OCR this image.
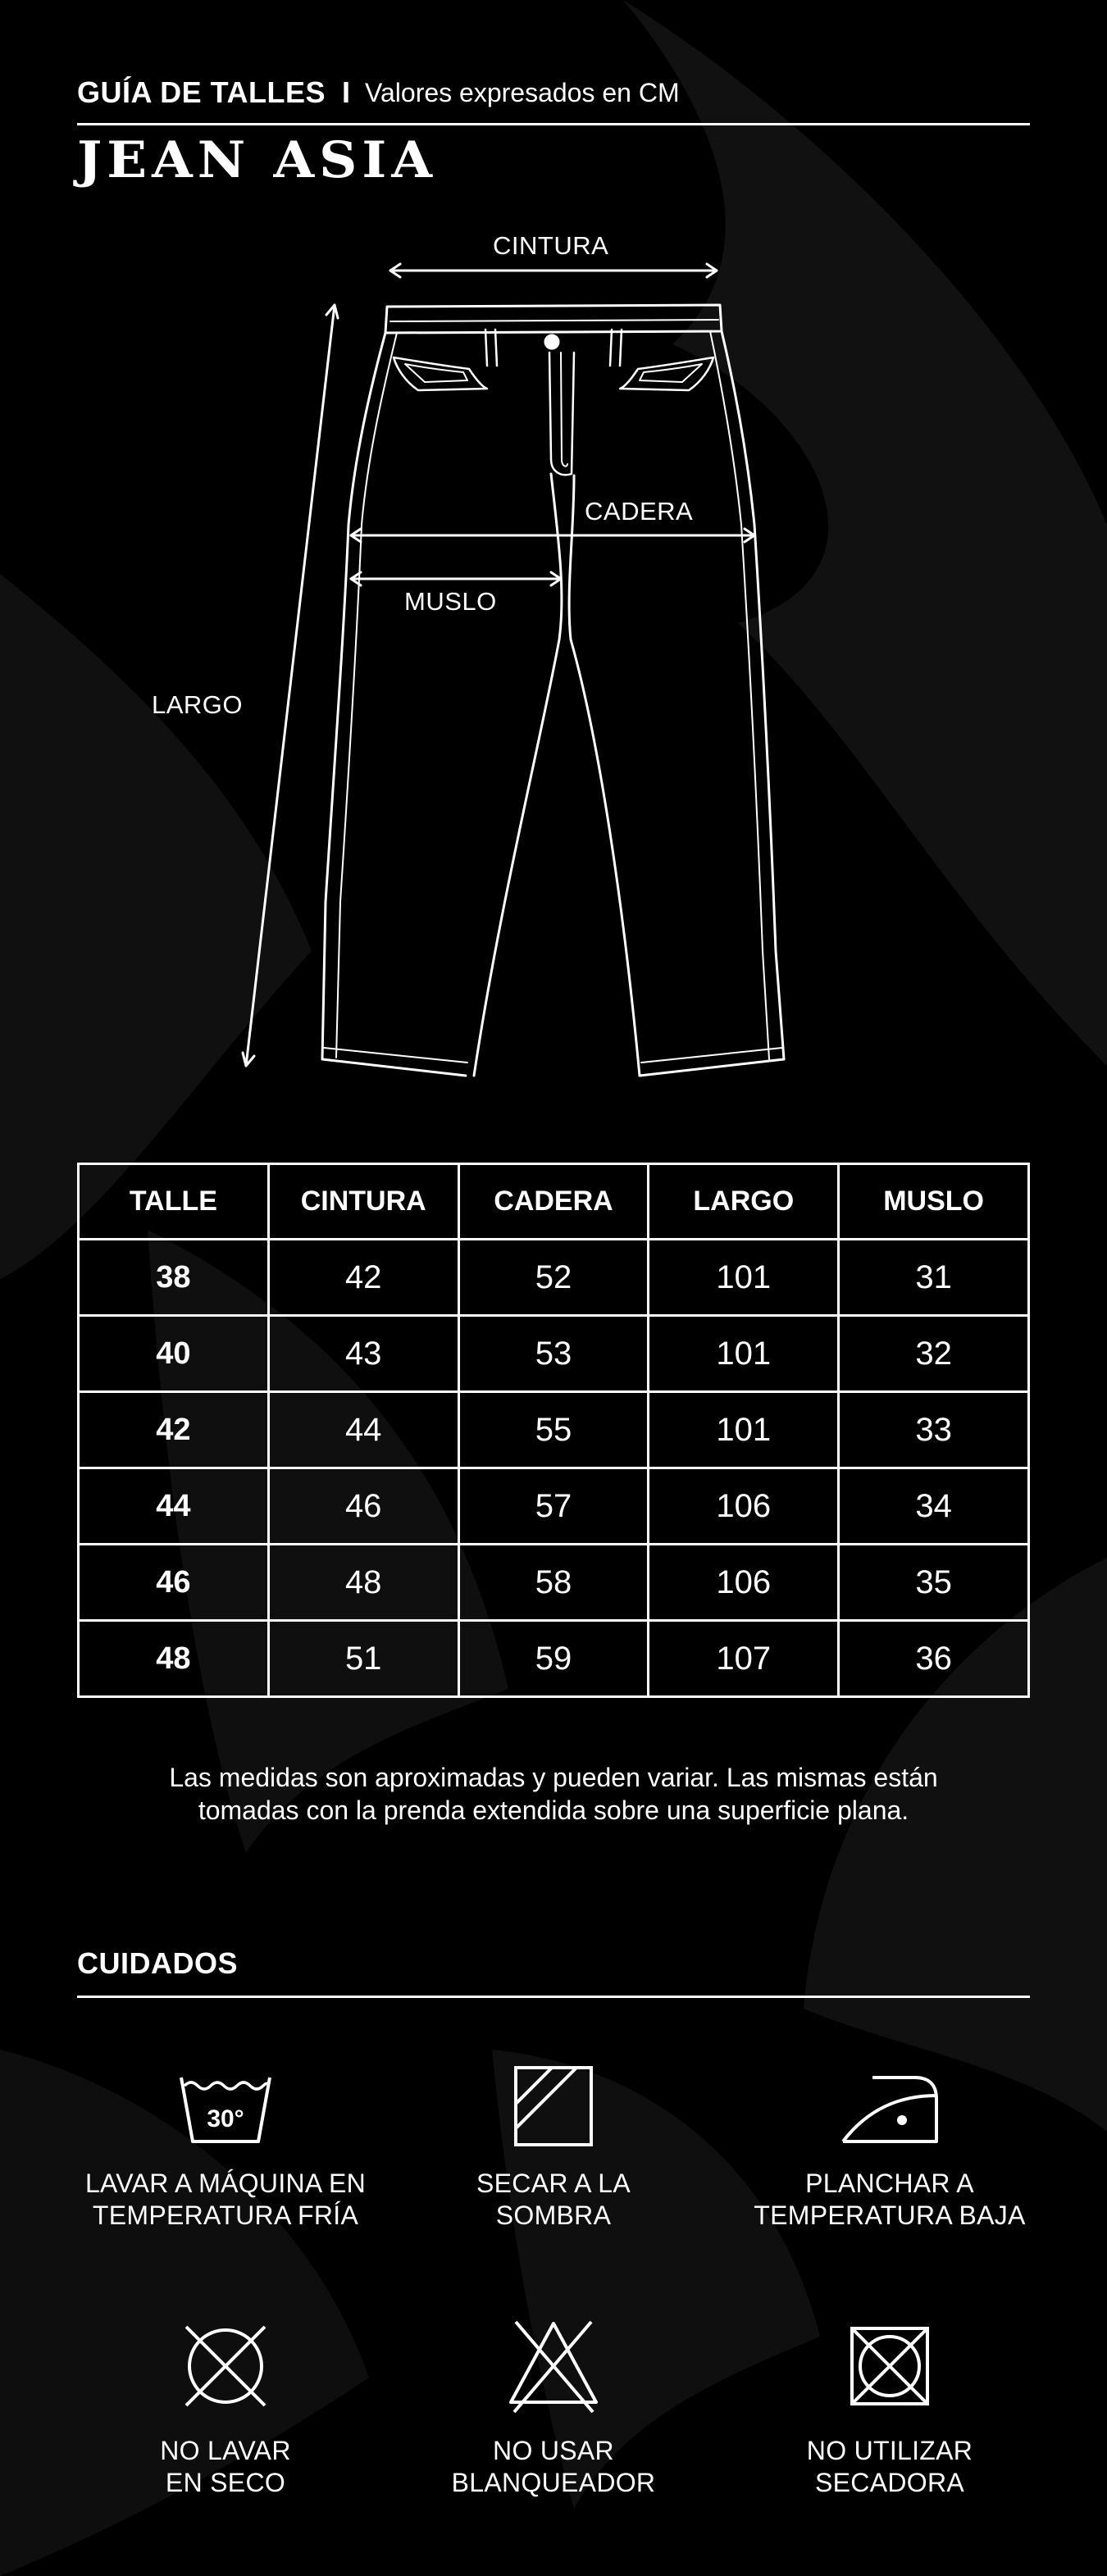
GUÍA DE TALLES I Valores expresados en CM
JEAN ASIA
CINTURA
CADERA
MUSLO
LARGO
TALLE	CINTURA	CADERA	LARGO	MUSLO
38	42	52	101	31
40	43	53	101	32
42	44	55	101	33
44	46	57	106	34
46	48	58	106	35
48	51	59	107	36
Las medidas son aproximadas y pueden variar. Las mismas están
tomadas con la prenda extendida sobre una superficie plana.
CUIDADOS
30°
LAVAR A MÁQUINA EN
TEMPERATURA FRÍA
SECAR A LA
SOMBRA
PLANCHAR A
TEMPERATURA BAJA
NO LAVAR
EN SECO
NO USAR
BLANQUEADOR
NO UTILIZAR
SECADORA
